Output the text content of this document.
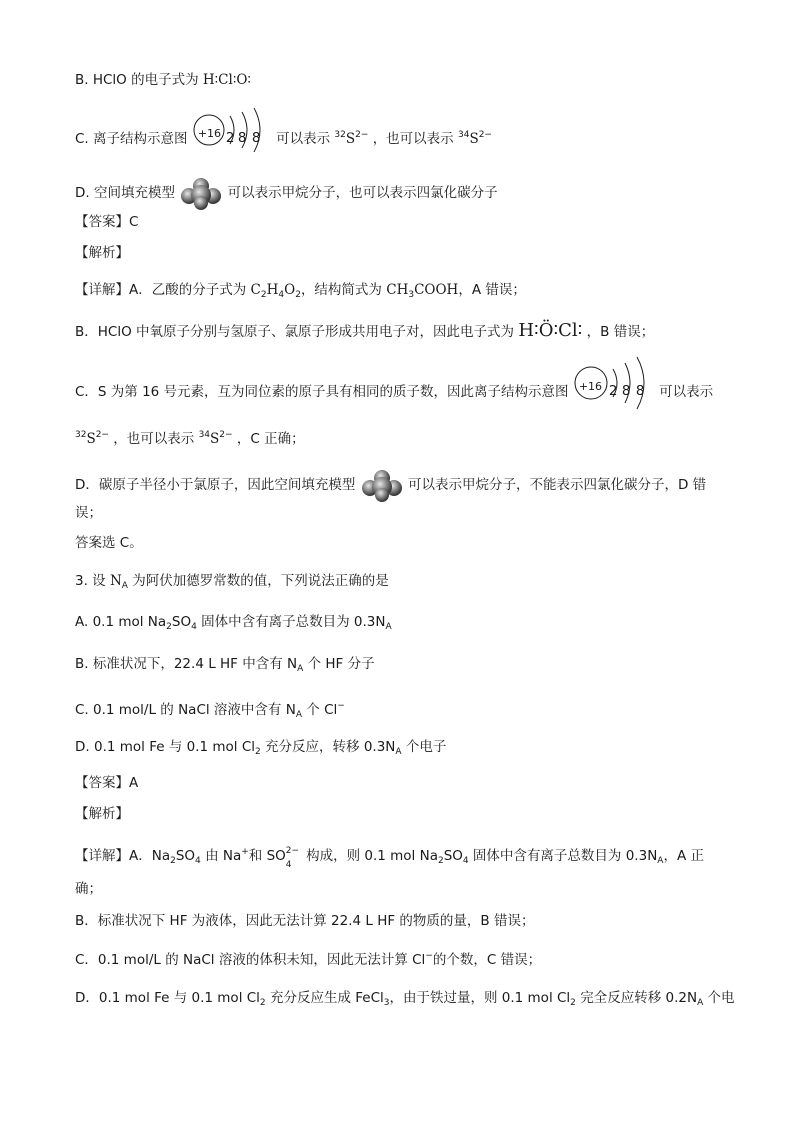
B. HClO 的电子式为 H∶Cl∶O∶
C. 离子结构示意图 +16 2 8 8 可以表示 $^{32}S^{2-}$ ，也可以表示 $^{34}S^{2-}$
D. 空间填充模型	可以表示甲烷分子，也可以表示四氯化碳分子
【答案】C
【解析】
【详解】A．乙酸的分子式为 $C_2H_4O_2$，结构简式为 $CH_3COOH$，A 错误；
B．HClO 中氧原子分别与氢原子、氯原子形成共用电子对，因此电子式为 H∶Ö∶Cl∶ ，B 错误；
C．S 为第 16 号元素，互为同位素的原子具有相同的质子数，因此离子结构示意图 +16 2 8 8 可以表示
$^{32}S^{2-}$ ，也可以表示 $^{34}S^{2-}$ ，C 正确；
D．碳原子半径小于氯原子，因此空间填充模型	可以表示甲烷分子，不能表示四氯化碳分子，D 错
误；
答案选 C。
3. 设 $N_A$ 为阿伏加德罗常数的值，下列说法正确的是
A. 0.1 mol $Na_2SO_4$ 固体中含有离子总数目为 $0.3N_A$
B. 标准状况下，22.4 L HF 中含有 $N_A$ 个 HF 分子
C. 0.1 mol/L 的 NaCl 溶液中含有 $N_A$ 个 Cl−
D. 0.1 mol Fe 与 0.1 mol $Cl_2$ 充分反应，转移 $0.3N_A$ 个电子
【答案】A
【解析】
【详解】A．$Na_2SO_4$ 由 Na+和 SO 2−
4
构成，则 0.1 mol $Na_2SO_4$ 固体中含有离子总数目为 $0.3N_A$，A 正
确；
B．标准状况下 HF 为液体，因此无法计算 22.4 L HF 的物质的量，B 错误；
C．0.1 mol/L 的 NaCl 溶液的体积未知，因此无法计算 Cl−的个数，C 错误；
D．0.1 mol Fe 与 0.1 mol $Cl_2$ 充分反应生成 FeCl$_3$，由于铁过量，则 0.1 mol $Cl_2$ 完全反应转移 $0.2N_A$ 个电
